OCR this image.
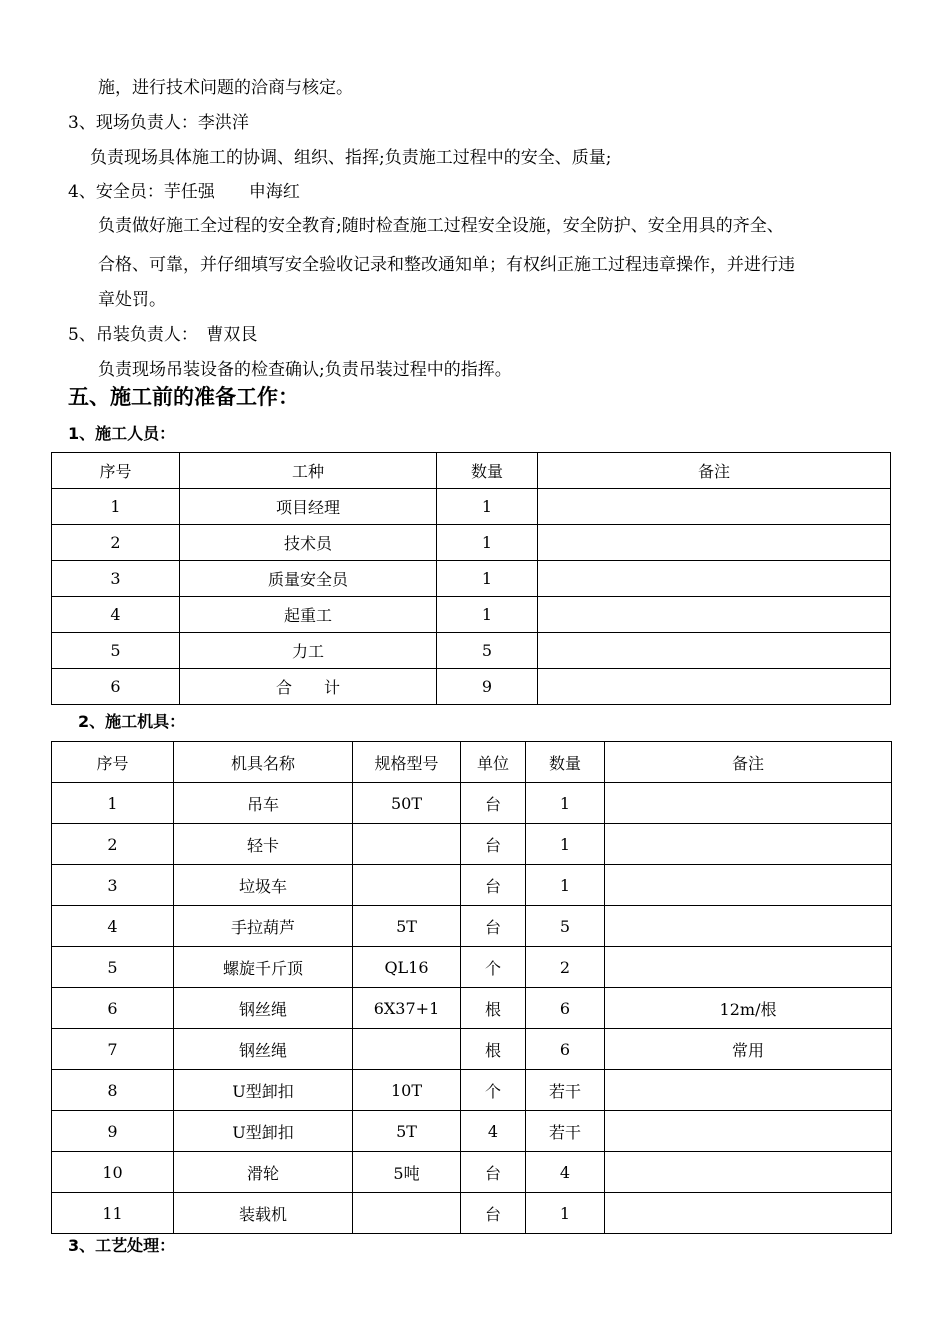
施，进行技术问题的洽商与核定。
3、现场负责人：李洪洋
负责现场具体施工的协调、组织、指挥;负责施工过程中的安全、质量;
4、安全员：芋任强　　申海红
负责做好施工全过程的安全教育;随时检查施工过程安全设施，安全防护、安全用具的齐全、
合格、可靠，并仔细填写安全验收记录和整改通知单；有权纠正施工过程违章操作，并进行违
章处罚。
5、吊装负责人：　曹双艮
负责现场吊装设备的检查确认;负责吊装过程中的指挥。
五、施工前的准备工作：
1、施工人员：
序号	工种	数量	备注
1	项目经理	1	
2	技术员	1	
3	质量安全员	1	
4	起重工	1	
5	力工	5	
6	合　　计	9	
2、施工机具：
序号	机具名称	规格型号	单位	数量	备注
1	吊车	50T	台	1	
2	轻卡		台	1	
3	垃圾车		台	1	
4	手拉葫芦	5T	台	5	
5	螺旋千斤顶	QL16	个	2	
6	钢丝绳	6X37+1	根	6	12m/根
7	钢丝绳		根	6	常用
8	U型卸扣	10T	个	若干	
9	U型卸扣	5T	4	若干	
10	滑轮	5吨	台	4	
11	装载机		台	1	
3、工艺处理：
